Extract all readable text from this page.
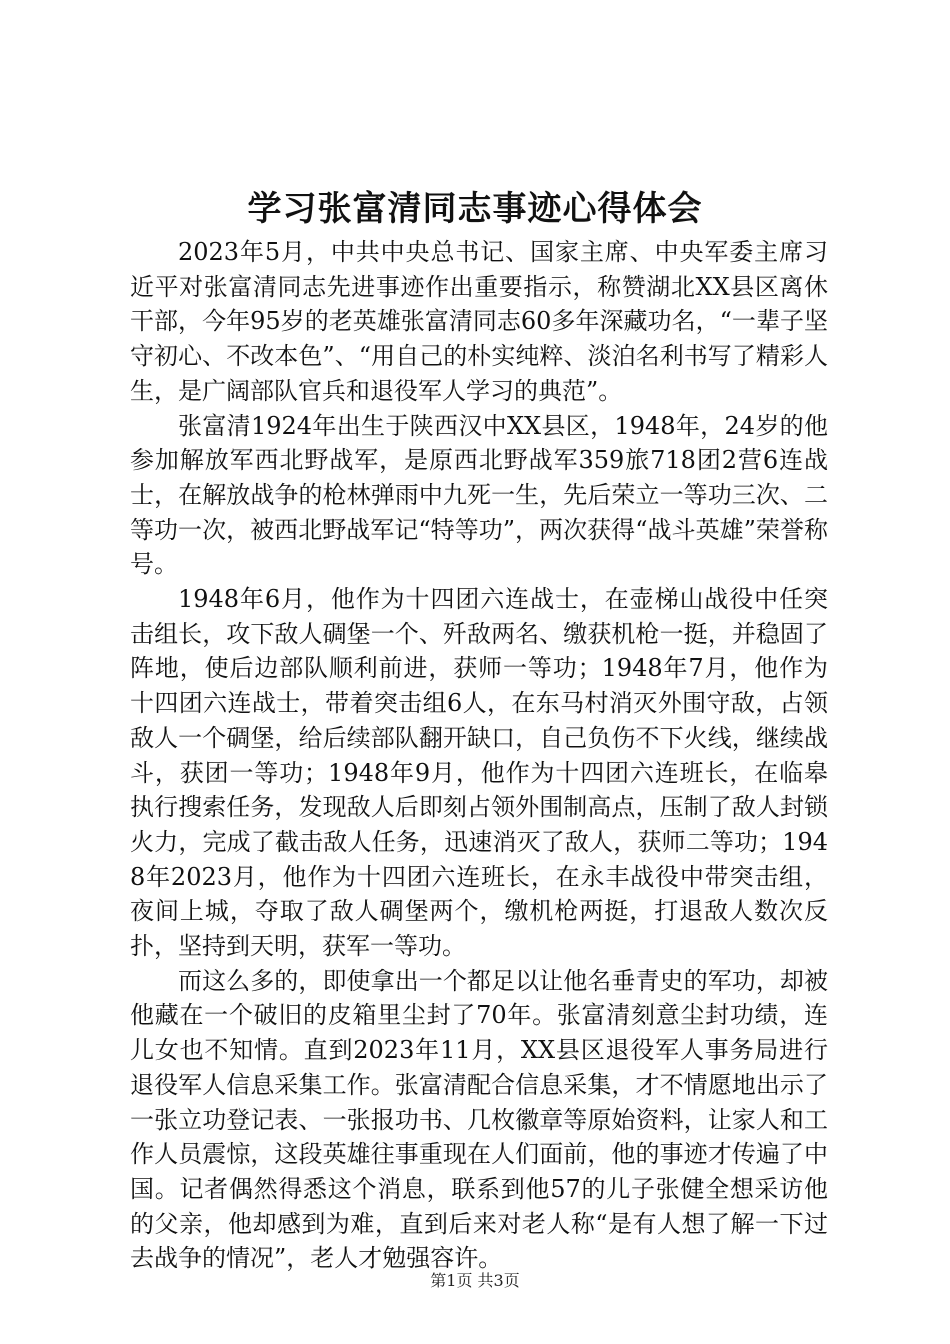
学习张富清同志事迹心得体会

2023年5月，中共中央总书记、国家主席、中央军委主席习近平对张富清同志先进事迹作出重要指示，称赞湖北XX县区离休干部，今年95岁的老英雄张富清同志60多年深藏功名，“一辈子坚守初心、不改本色”、“用自己的朴实纯粹、淡泊名利书写了精彩人生，是广阔部队官兵和退役军人学习的典范”。

张富清1924年出生于陕西汉中XX县区，1948年，24岁的他参加解放军西北野战军，是原西北野战军359旅718团2营6连战士，在解放战争的枪林弹雨中九死一生，先后荣立一等功三次、二等功一次，被西北野战军记“特等功”，两次获得“战斗英雄”荣誉称号。

1948年6月，他作为十四团六连战士，在壶梯山战役中任突击组长，攻下敌人碉堡一个、歼敌两名、缴获机枪一挺，并稳固了阵地，使后边部队顺利前进，获师一等功；1948年7月，他作为十四团六连战士，带着突击组6人，在东马村消灭外围守敌，占领敌人一个碉堡，给后续部队翻开缺口，自己负伤不下火线，继续战斗，获团一等功；1948年9月，他作为十四团六连班长，在临皋执行搜索任务，发现敌人后即刻占领外围制高点，压制了敌人封锁火力，完成了截击敌人任务，迅速消灭了敌人，获师二等功；1948年2023月，他作为十四团六连班长，在永丰战役中带突击组，夜间上城，夺取了敌人碉堡两个，缴机枪两挺，打退敌人数次反扑，坚持到天明，获军一等功。

而这么多的，即使拿出一个都足以让他名垂青史的军功，却被他藏在一个破旧的皮箱里尘封了70年。张富清刻意尘封功绩，连儿女也不知情。直到2023年11月，XX县区退役军人事务局进行退役军人信息采集工作。张富清配合信息采集，才不情愿地出示了一张立功登记表、一张报功书、几枚徽章等原始资料，让家人和工作人员震惊，这段英雄往事重现在人们面前，他的事迹才传遍了中国。记者偶然得悉这个消息，联系到他57的儿子张健全想采访他的父亲，他却感到为难，直到后来对老人称“是有人想了解一下过去战争的情况”，老人才勉强容许。

第1页 共3页
